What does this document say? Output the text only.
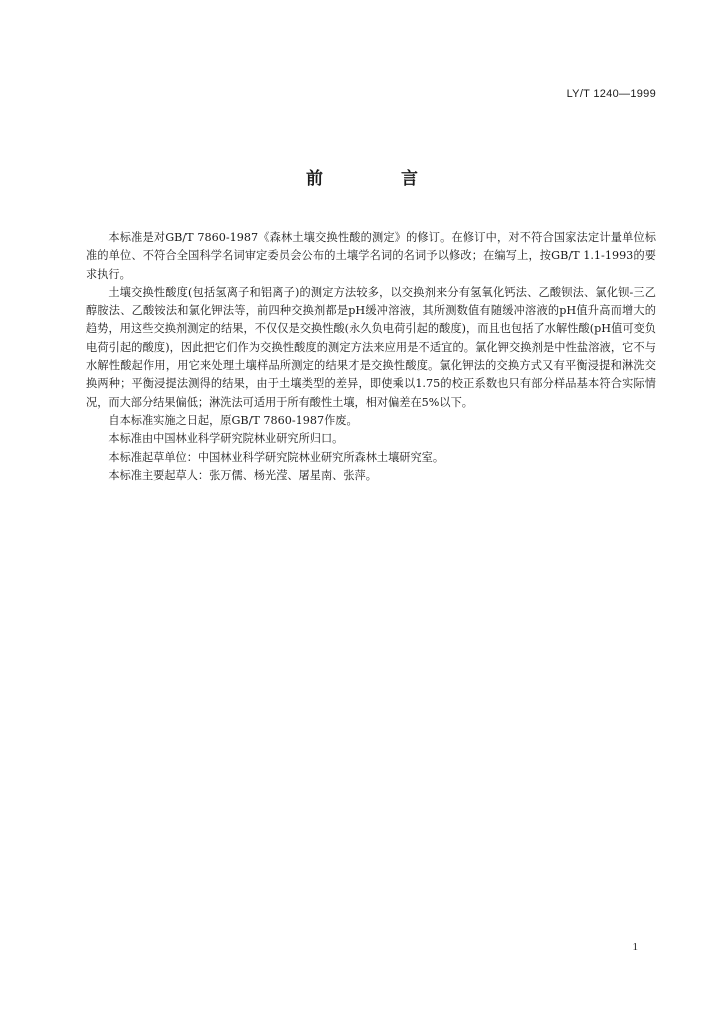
LY/T 1240—1999
前 言

本标准是对GB/T 7860-1987《森林土壤交换性酸的测定》的修订。在修订中，对不符合国家法定计量单位标准的单位、不符合全国科学名词审定委员会公布的土壤学名词的名词予以修改；在编写上，按GB/T 1.1-1993的要求执行。

土壤交换性酸度(包括氢离子和铝离子)的测定方法较多，以交换剂来分有氢氧化钙法、乙酸钡法、氯化钡-三乙醇胺法、乙酸铵法和氯化钾法等，前四种交换剂都是pH缓冲溶液，其所测数值有随缓冲溶液的pH值升高而增大的趋势，用这些交换剂测定的结果，不仅仅是交换性酸(永久负电荷引起的酸度)，而且也包括了水解性酸(pH值可变负电荷引起的酸度)，因此把它们作为交换性酸度的测定方法来应用是不适宜的。氯化钾交换剂是中性盐溶液，它不与水解性酸起作用，用它来处理土壤样品所测定的结果才是交换性酸度。氯化钾法的交换方式又有平衡浸提和淋洗交换两种；平衡浸提法测得的结果，由于土壤类型的差异，即使乘以1.75的校正系数也只有部分样品基本符合实际情况，而大部分结果偏低；淋洗法可适用于所有酸性土壤，相对偏差在5%以下。

自本标准实施之日起，原GB/T 7860-1987作废。

本标准由中国林业科学研究院林业研究所归口。

本标准起草单位：中国林业科学研究院林业研究所森林土壤研究室。

本标准主要起草人：张万儒、杨光滢、屠星南、张萍。

1
